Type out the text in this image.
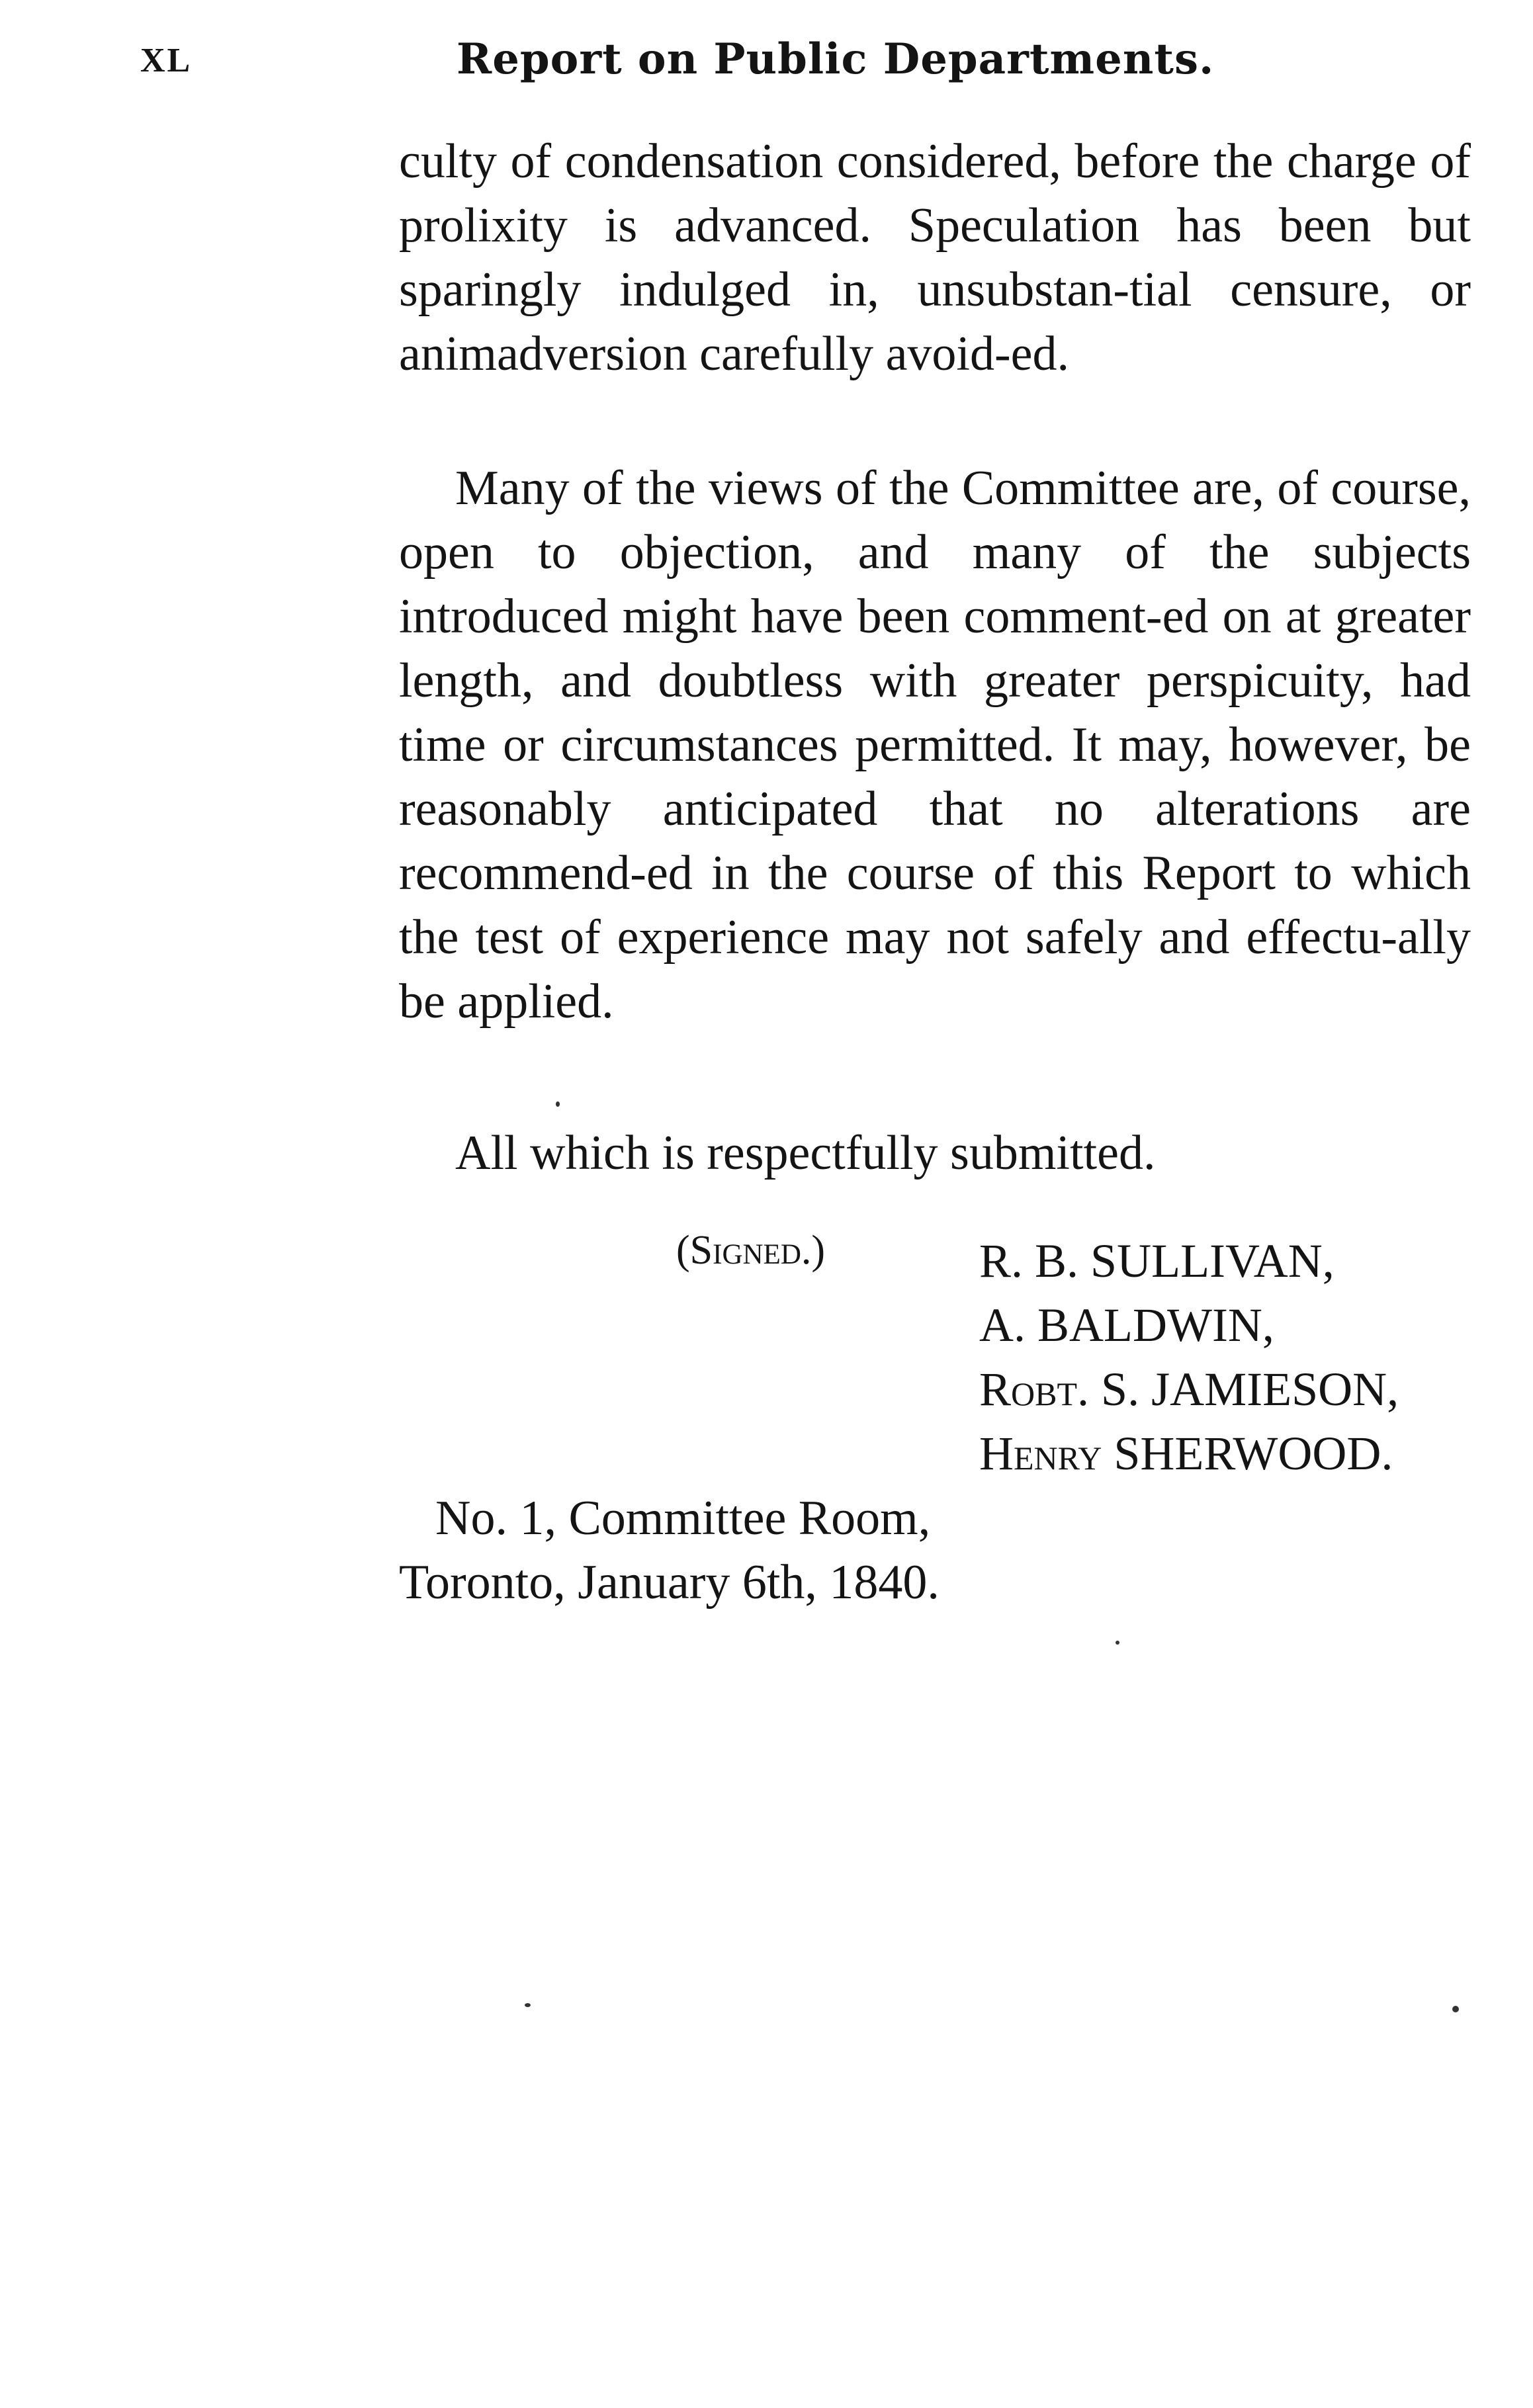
XL	Report on Public Departments.

culty of condensation considered, before the charge of prolixity is advanced. Speculation has been but sparingly indulged in, unsubstan-tial censure, or animadversion carefully avoid-ed.

Many of the views of the Committee are, of course, open to objection, and many of the subjects introduced might have been comment-ed on at greater length, and doubtless with greater perspicuity, had time or circumstances permitted. It may, however, be reasonably anticipated that no alterations are recommend-ed in the course of this Report to which the test of experience may not safely and effectu-ally be applied.

All which is respectfully submitted.

(Signed.)	R. B. SULLIVAN,
A. BALDWIN,
Robt. S. JAMIESON,
Henry SHERWOOD.
No. 1, Committee Room,
Toronto, January 6th, 1840.
